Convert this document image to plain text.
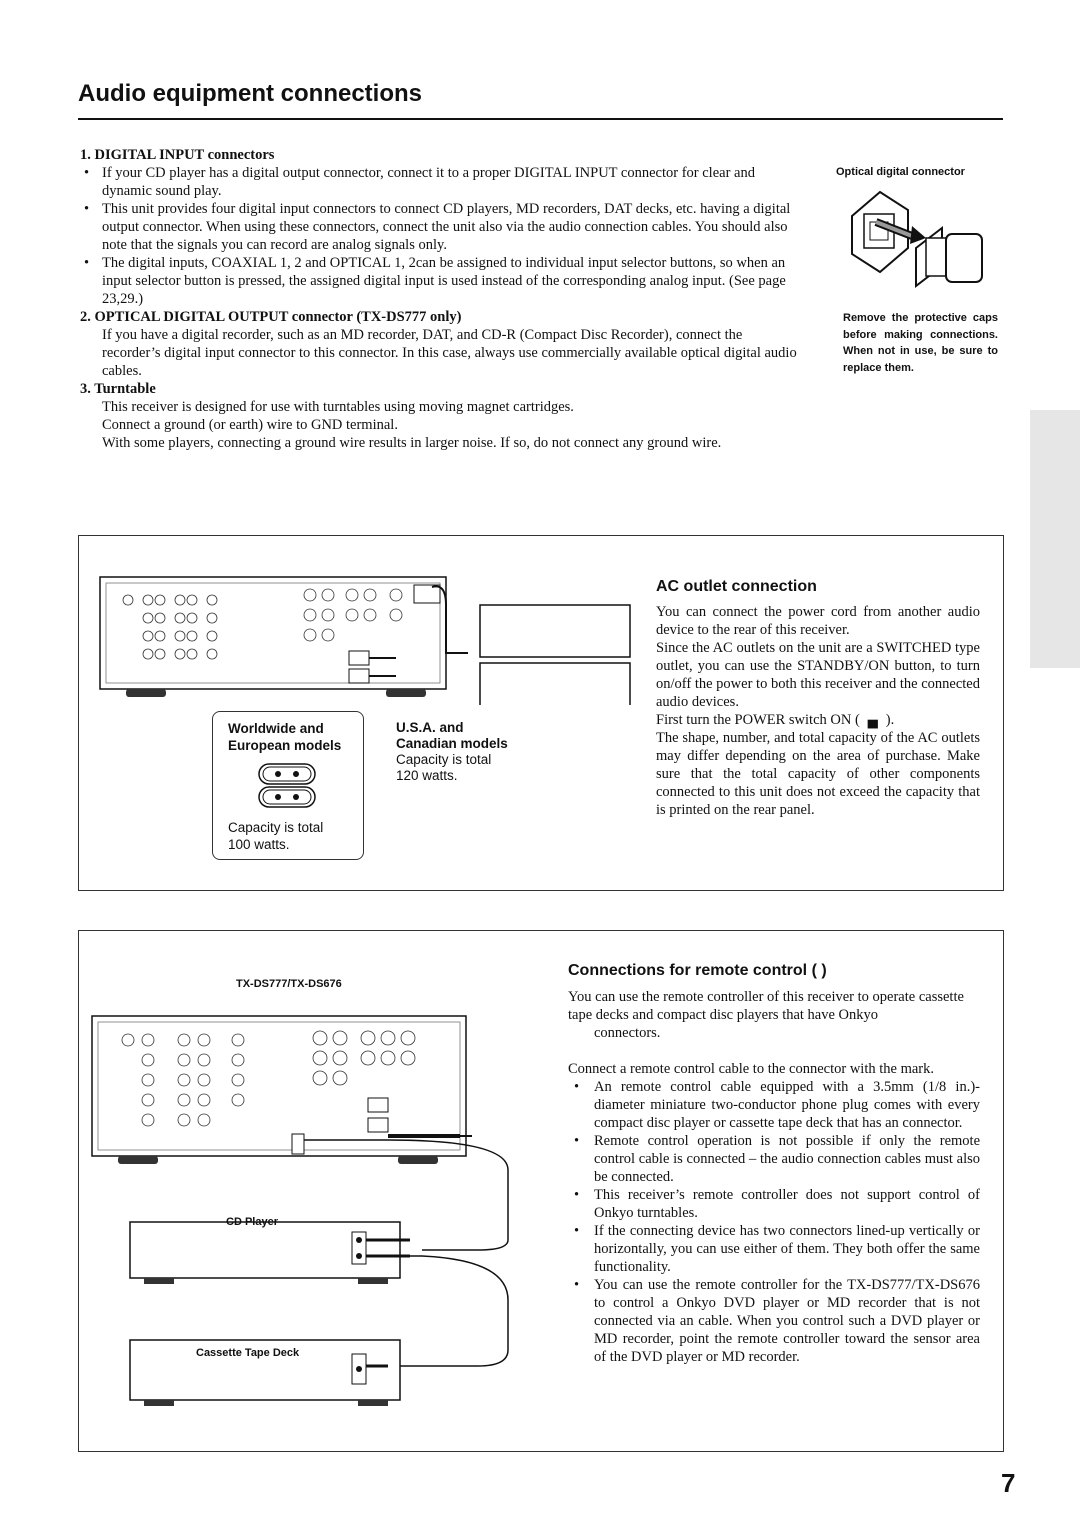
Audio equipment connections

1. DIGITAL INPUT connectors

• If your CD player has a digital output connector, connect it to a proper DIGITAL INPUT connector for clear and dynamic sound play.
• This unit provides four digital input connectors to connect CD players, MD recorders, DAT decks, etc. having a digital output connector. When using these connectors, connect the unit also via the audio connection cables. You should also note that the signals you can record are analog signals only.
• The digital inputs, COAXIAL 1, 2 and OPTICAL 1, 2can be assigned to individual input selector buttons, so when an input selector button is pressed, the assigned digital input is used instead of the corresponding analog input. (See page 23,29.)

2. OPTICAL DIGITAL OUTPUT connector (TX-DS777 only)

If you have a digital recorder, such as an MD recorder, DAT, and CD-R (Compact Disc Recorder), connect the recorder’s digital input connector to this connector. In this case, always use commercially available optical digital audio cables.

3. Turntable

This receiver is designed for use with turntables using moving magnet cartridges.

Connect a ground (or earth) wire to GND terminal.

With some players, connecting a ground wire results in larger noise. If so, do not connect any ground wire.

Optical digital connector
Remove the protective caps before making connections. When not in use, be sure to replace them.
AC outlet connection

You can connect the power cord from another audio device to the rear of this receiver.

Since the AC outlets on the unit are a SWITCHED type outlet, you can use the STANDBY/ON button, to turn on/off the power to both this receiver and the connected audio devices.

First turn the POWER switch ON ( ▄ ).

The shape, number, and total capacity of the AC outlets may differ depending on the area of purchase. Make sure that the total capacity of other components connected to this unit does not exceed the capacity that is printed on the rear panel.

Worldwide and
European models
Capacity is total
100 watts.
U.S.A. and
Canadian models
Capacity is total
120 watts.
TX-DS777/TX-DS676
CD Player
Cassette Tape Deck
Connections for remote control ( )

You can use the remote controller of this receiver to operate cassette tape decks and compact disc players that have Onkyo

connectors.

Connect a remote control cable to the connector with the mark.

• An remote control cable equipped with a 3.5mm (1/8 in.)-diameter miniature two-conductor phone plug comes with every compact disc player or cassette tape deck that has an connector.
• Remote control operation is not possible if only the remote control cable is connected – the audio connection cables must also be connected.
• This receiver’s remote controller does not support control of Onkyo turntables.
• If the connecting device has two connectors lined-up vertically or horizontally, you can use either of them. They both offer the same functionality.
• You can use the remote controller for the TX-DS777/TX-DS676 to control a Onkyo DVD player or MD recorder that is not connected via an cable. When you control such a DVD player or MD recorder, point the remote controller toward the sensor area of the DVD player or MD recorder.
7
